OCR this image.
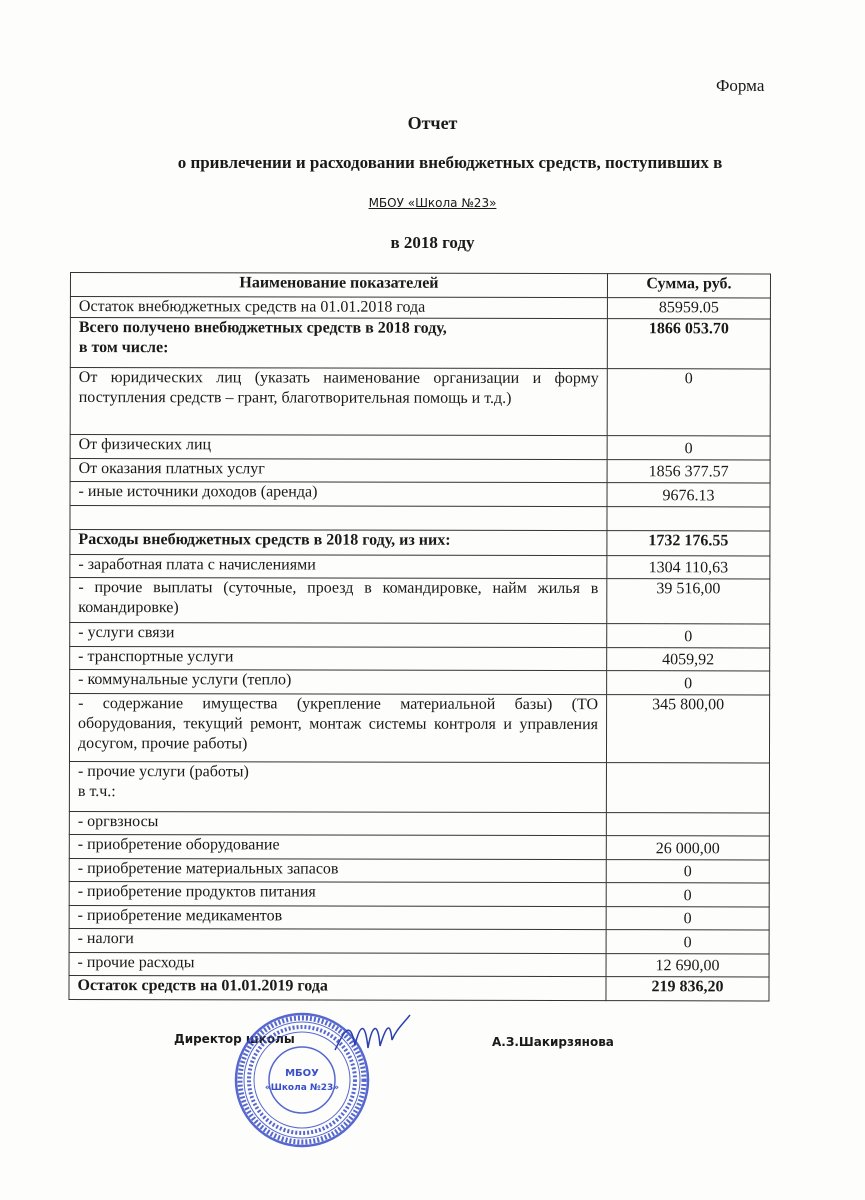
Форма
Отчет
о привлечении и расходовании внебюджетных средств, поступивших в
МБОУ «Школа №23»
в 2018 году
Наименование показателей	Сумма, руб.
Остаток внебюджетных средств на 01.01.2018 года	85959.05
Всего получено внебюджетных средств в 2018 году,
в том числе:	1866 053.70
От юридических лиц (указать наименование организации и форму поступления средств – грант, благотворительная помощь и т.д.)	0
От физических лиц	0
От оказания платных услуг	1856 377.57
- иные источники доходов (аренда)	9676.13

Расходы внебюджетных средств в 2018 году, из них:	1732 176.55
- заработная плата с начислениями	1304 110,63
- прочие выплаты (суточные, проезд в командировке, найм жилья в командировке)	39 516,00
- услуги связи	0
- транспортные услуги	4059,92
- коммунальные услуги (тепло)	0
- содержание имущества (укрепление материальной базы) (ТО оборудования, текущий ремонт, монтаж системы контроля и управления досугом, прочие работы)	345 800,00
- прочие услуги (работы)
в т.ч.:	
- оргвзносы	
- приобретение оборудование	26 000,00
- приобретение материальных запасов	0
- приобретение продуктов питания	0
- приобретение медикаментов	0
- налоги	0
- прочие расходы	12 690,00
Остаток средств на 01.01.2019 года	219 836,20
Директор школы	А.З.Шакирзянова
МБОУ
«Школа №23»
